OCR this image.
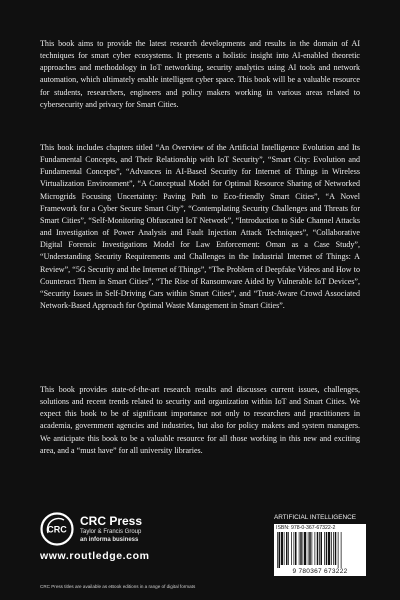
This book aims to provide the latest research developments and results in the domain of AI techniques for smart cyber ecosystems. It presents a holistic insight into AI-enabled theoretic approaches and methodology in IoT networking, security analytics using AI tools and network automation, which ultimately enable intelligent cyber space. This book will be a valuable resource for students, researchers, engineers and policy makers working in various areas related to cybersecurity and privacy for Smart Cities.

This book includes chapters titled “An Overview of the Artificial Intelligence Evolution and Its Fundamental Concepts, and Their Relationship with IoT Security”, “Smart City: Evolution and Fundamental Concepts”, “Advances in AI-Based Security for Internet of Things in Wireless Virtualization Environment”, “A Conceptual Model for Optimal Resource Sharing of Networked Microgrids Focusing Uncertainty: Paving Path to Eco-friendly Smart Cities”, “A Novel Framework for a Cyber Secure Smart City”, “Contemplating Security Challenges and Threats for Smart Cities”, “Self-Monitoring Obfuscated IoT Network”, “Introduction to Side Channel Attacks and Investigation of Power Analysis and Fault Injection Attack Techniques”, “Collaborative Digital Forensic Investigations Model for Law Enforcement: Oman as a Case Study”, “Understanding Security Requirements and Challenges in the Industrial Internet of Things: A Review”, “5G Security and the Internet of Things”, “The Problem of Deepfake Videos and How to Counteract Them in Smart Cities”, “The Rise of Ransomware Aided by Vulnerable IoT Devices”, “Security Issues in Self-Driving Cars within Smart Cities”, and “Trust-Aware Crowd Associated Network-Based Approach for Optimal Waste Management in Smart Cities”.

This book provides state-of-the-art research results and discusses current issues, challenges, solutions and recent trends related to security and organization within IoT and Smart Cities. We expect this book to be of significant importance not only to researchers and practitioners in academia, government agencies and industries, but also for policy makers and system managers. We anticipate this book to be a valuable resource for all those working in this new and exciting area, and a “must have” for all university libraries.

CRC
CRC Press
Taylor & Francis Group
an informa business
www.routledge.com
CRC Press titles are available as eBook editions in a range of digital formats
ARTIFICIAL INTELLIGENCE
ISBN: 978-0-367-67322-2
9 780367 673222
